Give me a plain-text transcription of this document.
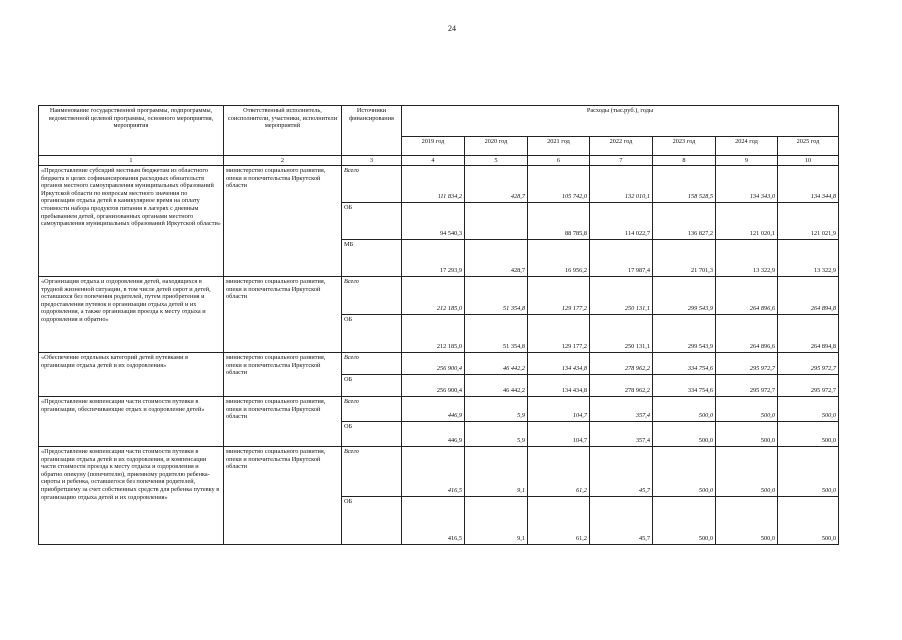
24
Наименование государственной программы, подпрограммы, ведомственной целевой программы, основного мероприятия, мероприятия	Ответственный исполнитель, соисполнители, участники, исполнители мероприятий	Источники финансирования	Расходы (тыс.руб.), годы						
			2019 год	2020 год	2021 год	2022 год	2023 год	2024 год	2025 год
1	2	3	4	5	6	7	8	9	10
«Предоставление субсидий местным бюджетам из областного бюджета в целях софинансирования расходных обязательств органов местного самоуправления муниципальных образований Иркутской области по вопросам местного значения по организации отдыха детей в каникулярное время на оплату стоимости набора продуктов питания в лагерях с дневным пребыванием детей, организованных органами местного самоуправления муниципальных образований Иркутской области»	министерство социального развития, опеки и попечительства Иркутской области	Всего	111 834,2	428,7	105 742,0	132 010,1	158 528,5	134 343,0	134 344,8
		ОБ	94 540,3		88 785,8	114 022,7	136 827,2	121 020,1	121 021,9
		МБ	17 293,9	428,7	16 956,2	17 987,4	21 701,3	13 322,9	13 322,9
«Организация отдыха и оздоровления детей, находящихся в трудной жизненной ситуации, в том числе детей сирот и детей, оставшихся без попечения родителей, путем приобретения и предоставления путевок в организации отдыха детей и их оздоровления, а также организация проезда к месту отдыха и оздоровления и обратно»	министерство социального развития, опеки и попечительства Иркутской области	Всего	212 185,0	51 354,8	129 177,2	250 131,1	299 543,9	264 896,6	264 894,8
		ОБ	212 185,0	51 354,8	129 177,2	250 131,1	299 543,9	264 896,6	264 894,8
«Обеспечение отдельных категорий детей путевками в организации отдыха детей и их оздоровления»	министерство социального развития, опеки и попечительства Иркутской области	Всего	256 900,4	46 442,2	134 434,8	278 962,2	334 754,6	295 972,7	295 972,7
		ОБ	256 900,4	46 442,2	134 434,8	278 962,2	334 754,6	295 972,7	295 972,7
«Предоставление компенсации части стоимости путевки в организации, обеспечивающие отдых и оздоровление детей»	министерство социального развития, опеки и попечительства Иркутской области	Всего	446,9	5,9	104,7	357,4	500,0	500,0	500,0
		ОБ	446,9	5,9	104,7	357,4	500,0	500,0	500,0
«Предоставление компенсации части стоимости путевки в организации отдыха детей и их оздоровления, и компенсации части стоимости проезда к месту отдыха и оздоровления и обратно опекуну (попечителю), приемному родителю ребенка-сироты и ребенка, оставшегося без попечения родителей, приобретшему за счет собственных средств для ребенка путевку в организацию отдыха детей и их оздоровления»	министерство социального развития, опеки и попечительства Иркутской области	Всего	416,5	9,1	61,2	45,7	500,0	500,0	500,0
		ОБ	416,5	9,1	61,2	45,7	500,0	500,0	500,0
